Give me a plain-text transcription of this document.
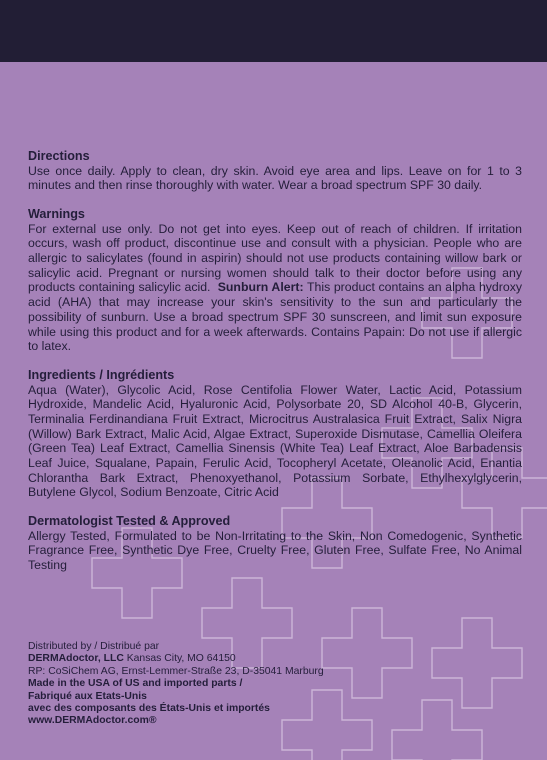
Directions

Use once daily. Apply to clean, dry skin. Avoid eye area and lips. Leave on for 1 to 3 minutes and then rinse thoroughly with water. Wear a broad spectrum SPF 30 daily.

Warnings

For external use only. Do not get into eyes. Keep out of reach of children. If irritation occurs, wash off product, discontinue use and consult with a physician. People who are allergic to salicylates (found in aspirin) should not use products containing willow bark or salicylic acid. Pregnant or nursing women should talk to their doctor before using any products containing salicylic acid. Sunburn Alert: This product contains an alpha hydroxy acid (AHA) that may increase your skin's sensitivity to the sun and particularly the possibility of sunburn. Use a broad spectrum SPF 30 sunscreen, and limit sun exposure while using this product and for a week afterwards. Contains Papain: Do not use if allergic to latex.

Ingredients / Ingrédients

Aqua (Water), Glycolic Acid, Rose Centifolia Flower Water, Lactic Acid, Potassium Hydroxide, Mandelic Acid, Hyaluronic Acid, Polysorbate 20, SD Alcohol 40-B, Glycerin, Terminalia Ferdinandiana Fruit Extract, Microcitrus Australasica Fruit Extract, Salix Nigra (Willow) Bark Extract, Malic Acid, Algae Extract, Superoxide Dismutase, Camellia Oleifera (Green Tea) Leaf Extract, Camellia Sinensis (White Tea) Leaf Extract, Aloe Barbadensis Leaf Juice, Squalane, Papain, Ferulic Acid, Tocopheryl Acetate, Oleanolic Acid, Enantia Chlorantha Bark Extract, Phenoxyethanol, Potassium Sorbate, Ethylhexylglycerin, Butylene Glycol, Sodium Benzoate, Citric Acid

Dermatologist Tested & Approved

Allergy Tested, Formulated to be Non-Irritating to the Skin, Non Comedogenic, Synthetic Fragrance Free, Synthetic Dye Free, Cruelty Free, Gluten Free, Sulfate Free, No Animal Testing

Distributed by / Distribué par
DERMAdoctor, LLC Kansas City, MO 64150
RP: CoSiChem AG, Ernst-Lemmer-Straße 23, D-35041 Marburg
Made in the USA of US and imported parts /
Fabriqué aux Etats-Unis
avec des composants des États-Unis et importés
www.DERMAdoctor.com®
